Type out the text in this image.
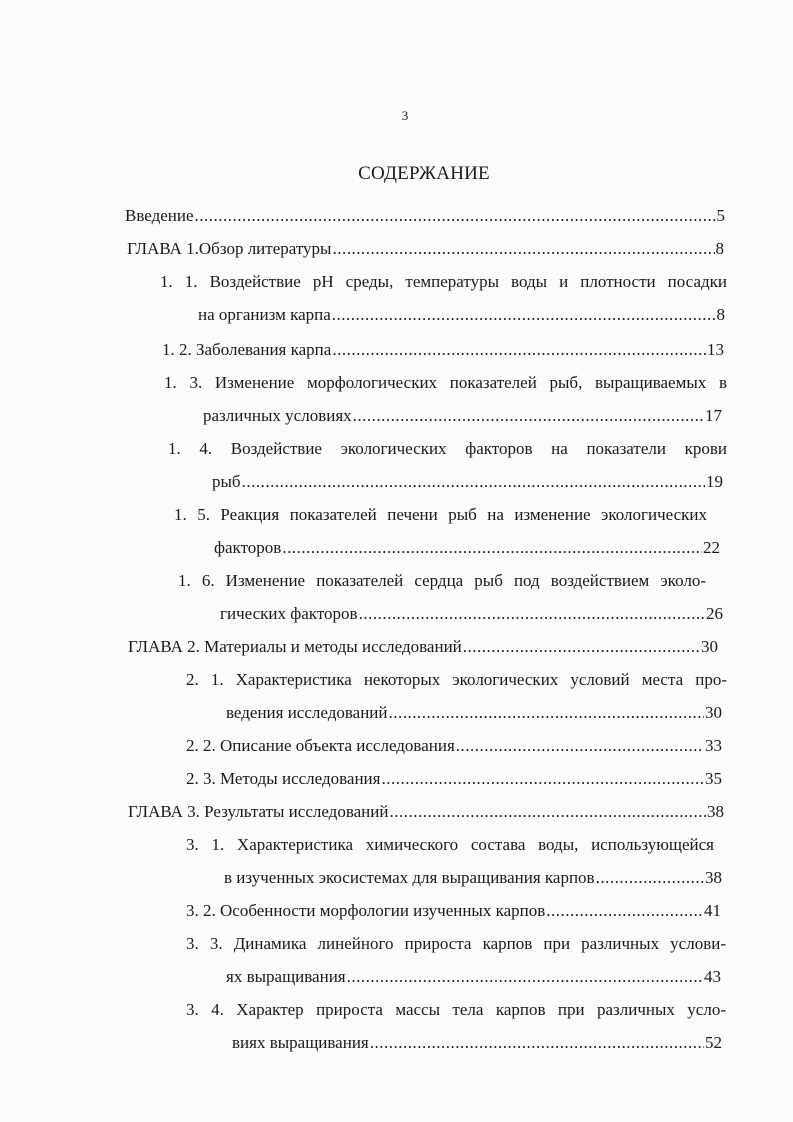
3
СОДЕРЖАНИЕ
Введение .....	5
ГЛАВА 1.Обзор литературы .....	8
1. 1. Воздействие рН среды, температуры воды и плотности посадки
на организм карпа .....	8
1. 2. Заболевания карпа .....	13
1. 3. Изменение морфологических показателей рыб, выращиваемых в
различных условиях .....	17
1. 4. Воздействие экологических факторов на показатели крови
рыб .....	19
1. 5. Реакция показателей печени рыб на изменение экологических
факторов .....	22
1. 6. Изменение показателей сердца рыб под воздействием эколо-
гических факторов .....	26
ГЛАВА 2. Материалы и методы исследований .....	30
2. 1. Характеристика некоторых экологических условий места про-
ведения исследований .....	30
2. 2. Описание объекта исследования .....	33
2. 3. Методы исследования .....	35
ГЛАВА 3. Результаты исследований .....	38
3. 1. Характеристика химического состава воды, использующейся
в изученных экосистемах для выращивания карпов .....	38
3. 2. Особенности морфологии изученных карпов .....	41
3. 3. Динамика линейного прироста карпов при различных услови-
ях выращивания .....	43
3. 4. Характер прироста массы тела карпов при различных усло-
виях выращивания .....	52
